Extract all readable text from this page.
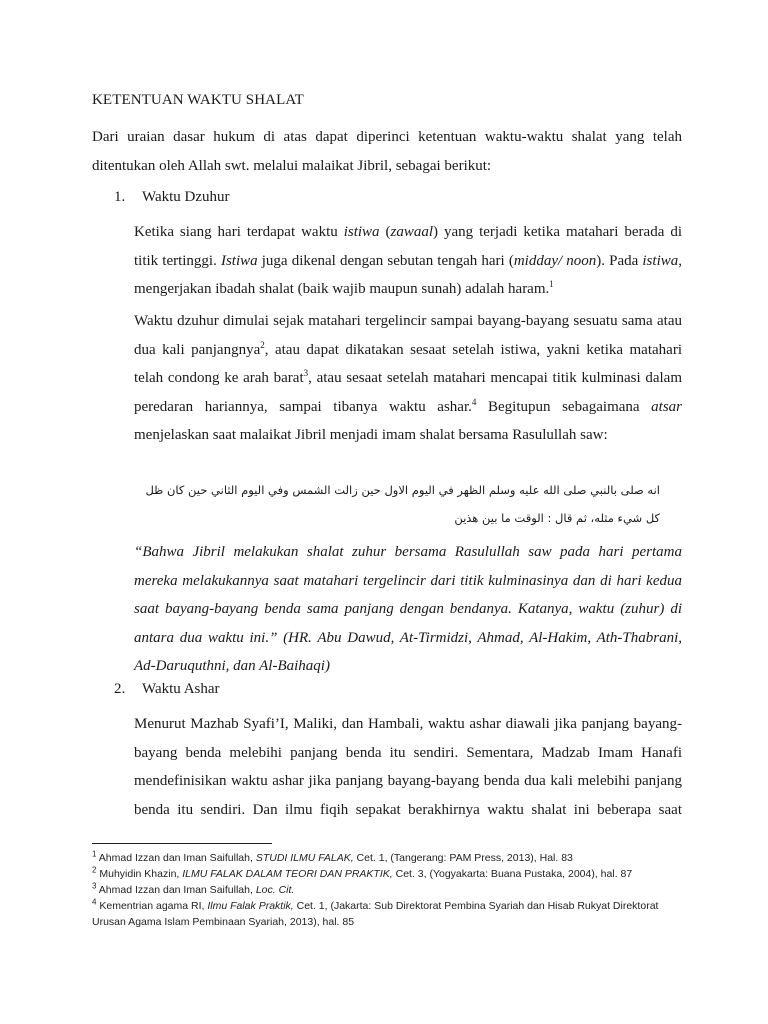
KETENTUAN WAKTU SHALAT
Dari uraian dasar hukum di atas dapat diperinci ketentuan waktu-waktu shalat yang telah ditentukan oleh Allah swt. melalui malaikat Jibril, sebagai berikut:
1. Waktu Dzuhur
Ketika siang hari terdapat waktu istiwa (zawaal) yang terjadi ketika matahari berada di titik tertinggi. Istiwa juga dikenal dengan sebutan tengah hari (midday/ noon). Pada istiwa, mengerjakan ibadah shalat (baik wajib maupun sunah) adalah haram.$^1$
Waktu dzuhur dimulai sejak matahari tergelincir sampai bayang-bayang sesuatu sama atau dua kali panjangnya$^2$, atau dapat dikatakan sesaat setelah istiwa, yakni ketika matahari telah condong ke arah barat$^3$, atau sesaat setelah matahari mencapai titik kulminasi dalam peredaran hariannya, sampai tibanya waktu ashar.$^4$ Begitupun sebagaimana atsar menjelaskan saat malaikat Jibril menjadi imam shalat bersama Rasulullah saw:
انه صلى بالنبي صلى الله عليه وسلم الظهر في اليوم الاول حين زالت الشمس وفي اليوم الثاني حين كان ظل كل شيء مثله، ثم قال : الوقت ما بين هذين
“Bahwa Jibril melakukan shalat zuhur bersama Rasulullah saw pada hari pertama mereka melakukannya saat matahari tergelincir dari titik kulminasinya dan di hari kedua saat bayang-bayang benda sama panjang dengan bendanya. Katanya, waktu (zuhur) di antara dua waktu ini.” (HR. Abu Dawud, At-Tirmidzi, Ahmad, Al-Hakim, Ath-Thabrani, Ad-Daruquthni, dan Al-Baihaqi)
2. Waktu Ashar
Menurut Mazhab Syafi’I, Maliki, dan Hambali, waktu ashar diawali jika panjang bayang-bayang benda melebihi panjang benda itu sendiri. Sementara, Madzab Imam Hanafi mendefinisikan waktu ashar jika panjang bayang-bayang benda dua kali melebihi panjang benda itu sendiri. Dan ilmu fiqih sepakat berakhirnya waktu shalat ini beberapa saat

$^1$ Ahmad Izzan dan Iman Saifullah, STUDI ILMU FALAK, Cet. 1, (Tangerang: PAM Press, 2013), Hal. 83

$^2$ Muhyidin Khazin, ILMU FALAK DALAM TEORI DAN PRAKTIK, Cet. 3, (Yogyakarta: Buana Pustaka, 2004), hal. 87

$^3$ Ahmad Izzan dan Iman Saifullah, Loc. Cit.

$^4$ Kementrian agama RI, Ilmu Falak Praktik, Cet. 1, (Jakarta: Sub Direktorat Pembina Syariah dan Hisab Rukyat Direktorat Urusan Agama Islam Pembinaan Syariah, 2013), hal. 85
